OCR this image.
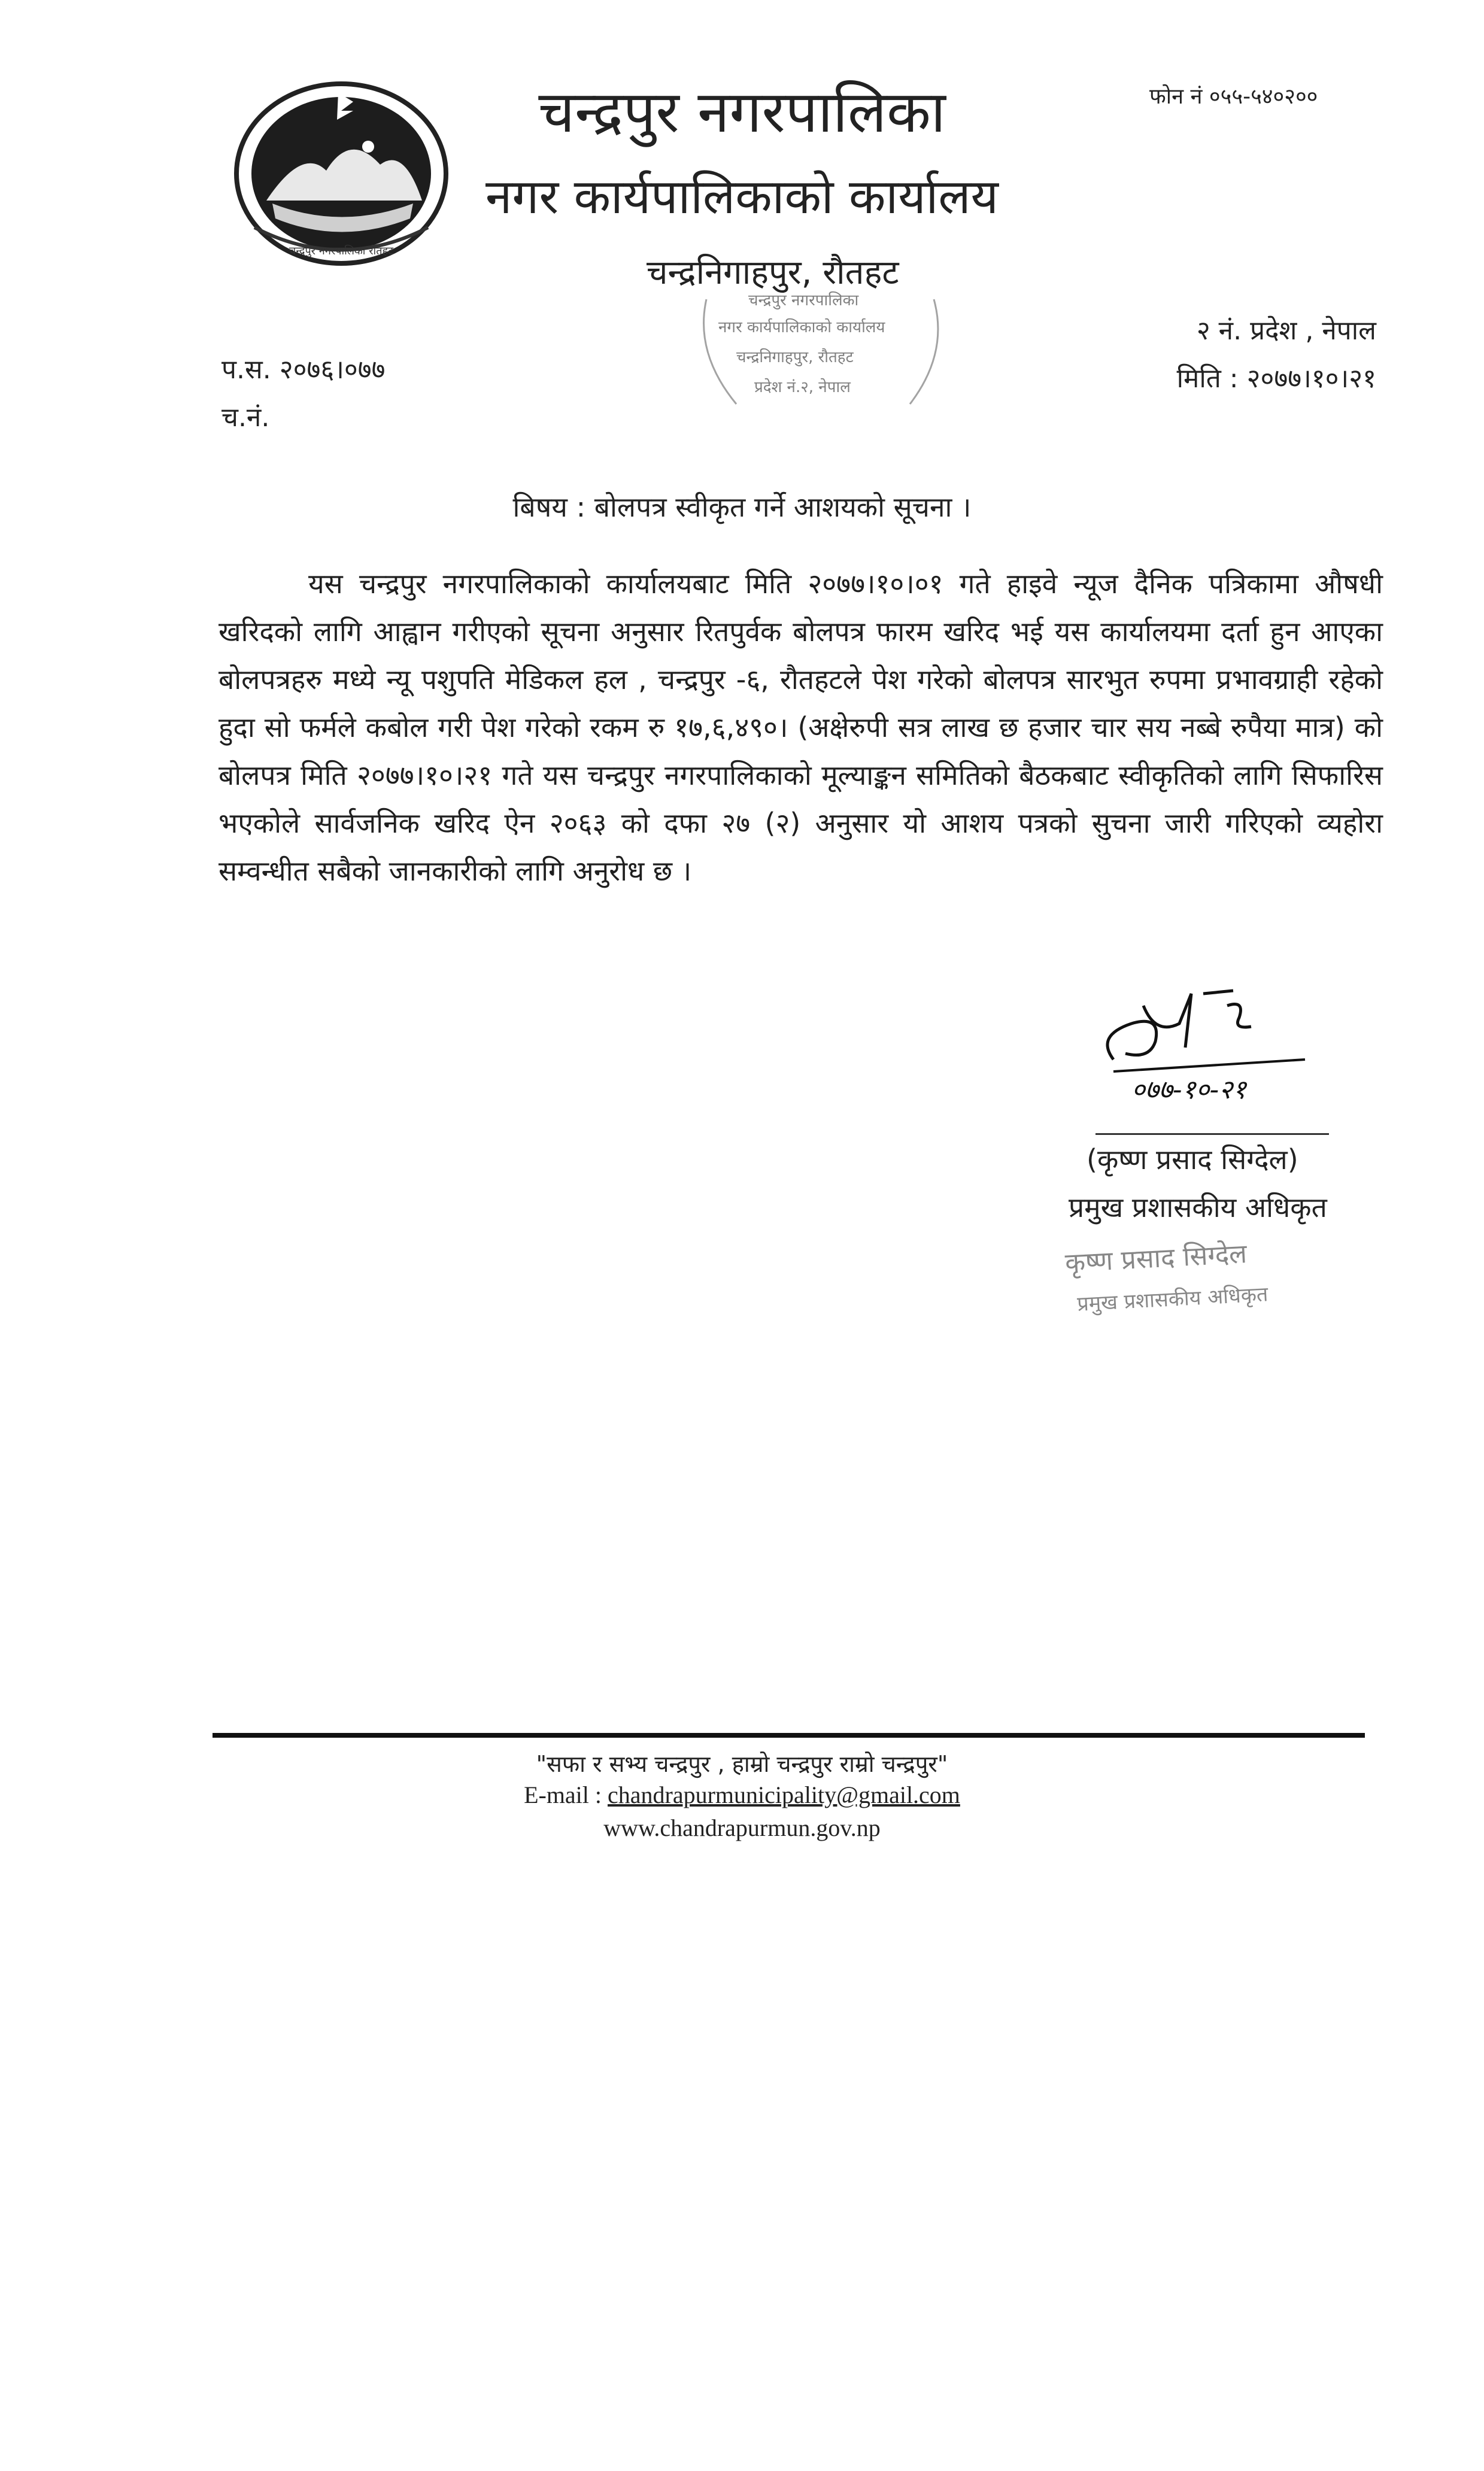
चन्द्रपुर नगरपालिका रौतहट
चन्द्रपुर नगरपालिका
नगर कार्यपालिकाको कार्यालय
चन्द्रनिगाहपुर, रौतहट
फोन नं ०५५-५४०२००
२ नं. प्रदेश , नेपाल
मिति : २०७७।१०।२१
प.स. २०७६।०७७
च.नं.
चन्द्रपुर नगरपालिका
नगर कार्यपालिकाको कार्यालय
चन्द्रनिगाहपुर, रौतहट
प्रदेश नं.२, नेपाल
बिषय : बोलपत्र स्वीकृत गर्ने आशयको सूचना ।
यस चन्द्रपुर नगरपालिकाको कार्यालयबाट मिति २०७७।१०।०१ गते हाइवे न्यूज दैनिक पत्रिकामा औषधी खरिदको लागि आह्वान गरीएको सूचना अनुसार रितपुर्वक बोलपत्र फारम खरिद भई यस कार्यालयमा दर्ता हुन आएका बोलपत्रहरु मध्ये न्यू पशुपति मेडिकल हल , चन्द्रपुर -६, रौतहटले पेश गरेको बोलपत्र सारभुत रुपमा प्रभावग्राही रहेको हुदा सो फर्मले कबोल गरी पेश गरेको रकम रु १७,६,४९०। (अक्षेरुपी सत्र लाख छ हजार चार सय नब्बे रुपैया मात्र) को बोलपत्र मिति २०७७।१०।२१ गते यस चन्द्रपुर नगरपालिकाको मूल्याङ्कन समितिको बैठकबाट स्वीकृतिको लागि सिफारिस भएकोले सार्वजनिक खरिद ऐन २०६३ को दफा २७ (२) अनुसार यो आशय पत्रको सुचना जारी गरिएको व्यहोरा सम्वन्धीत सबैको जानकारीको लागि अनुरोध छ ।
०७७-१०-२१
(कृष्ण प्रसाद सिग्देल)
प्रमुख प्रशासकीय अधिकृत
कृष्ण प्रसाद सिग्देल
प्रमुख प्रशासकीय अधिकृत
"सफा र सभ्य चन्द्रपुर , हाम्रो चन्द्रपुर राम्रो चन्द्रपुर"
E-mail : chandrapurmunicipality@gmail.com
www.chandrapurmun.gov.np
